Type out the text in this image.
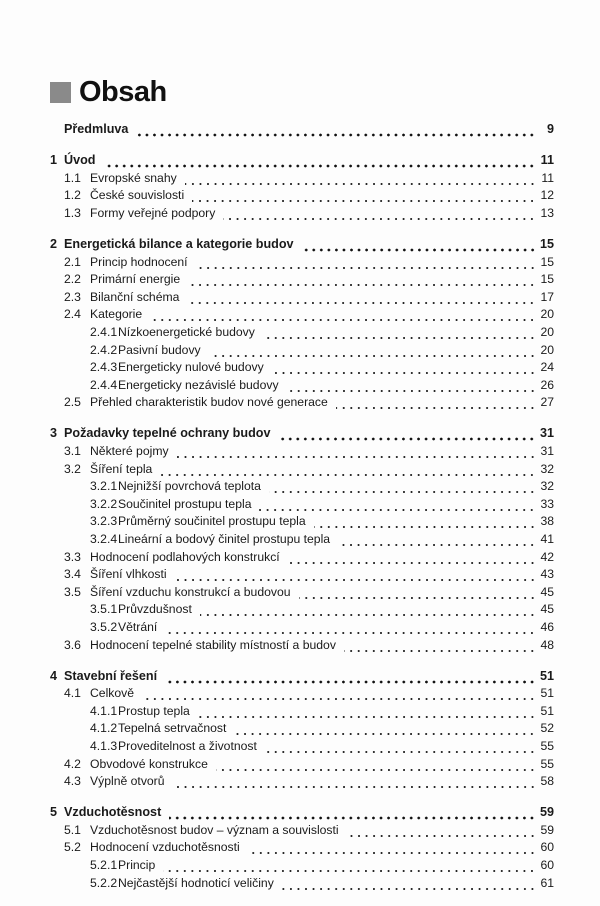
Obsah
Předmluva	9
1 Úvod	11
1.1 Evropské snahy	11
1.2 České souvislosti	12
1.3 Formy veřejné podpory	13
2 Energetická bilance a kategorie budov	15
2.1 Princip hodnocení	15
2.2 Primární energie	15
2.3 Bilanční schéma	17
2.4 Kategorie	20
2.4.1 Nízkoenergetické budovy	20
2.4.2 Pasivní budovy	20
2.4.3 Energeticky nulové budovy	24
2.4.4 Energeticky nezávislé budovy	26
2.5 Přehled charakteristik budov nové generace	27
3 Požadavky tepelné ochrany budov	31
3.1 Některé pojmy	31
3.2 Šíření tepla	32
3.2.1 Nejnižší povrchová teplota	32
3.2.2 Součinitel prostupu tepla	33
3.2.3 Průměrný součinitel prostupu tepla	38
3.2.4 Lineární a bodový činitel prostupu tepla	41
3.3 Hodnocení podlahových konstrukcí	42
3.4 Šíření vlhkosti	43
3.5 Šíření vzduchu konstrukcí a budovou	45
3.5.1 Průvzdušnost	45
3.5.2 Větrání	46
3.6 Hodnocení tepelné stability místností a budov	48
4 Stavební řešení	51
4.1 Celkově	51
4.1.1 Prostup tepla	51
4.1.2 Tepelná setrvačnost	52
4.1.3 Proveditelnost a životnost	55
4.2 Obvodové konstrukce	55
4.3 Výplně otvorů	58
5 Vzduchotěsnost	59
5.1 Vzduchotěsnost budov – význam a souvislosti	59
5.2 Hodnocení vzduchotěsnosti	60
5.2.1 Princip	60
5.2.2 Nejčastější hodnoticí veličiny	61
